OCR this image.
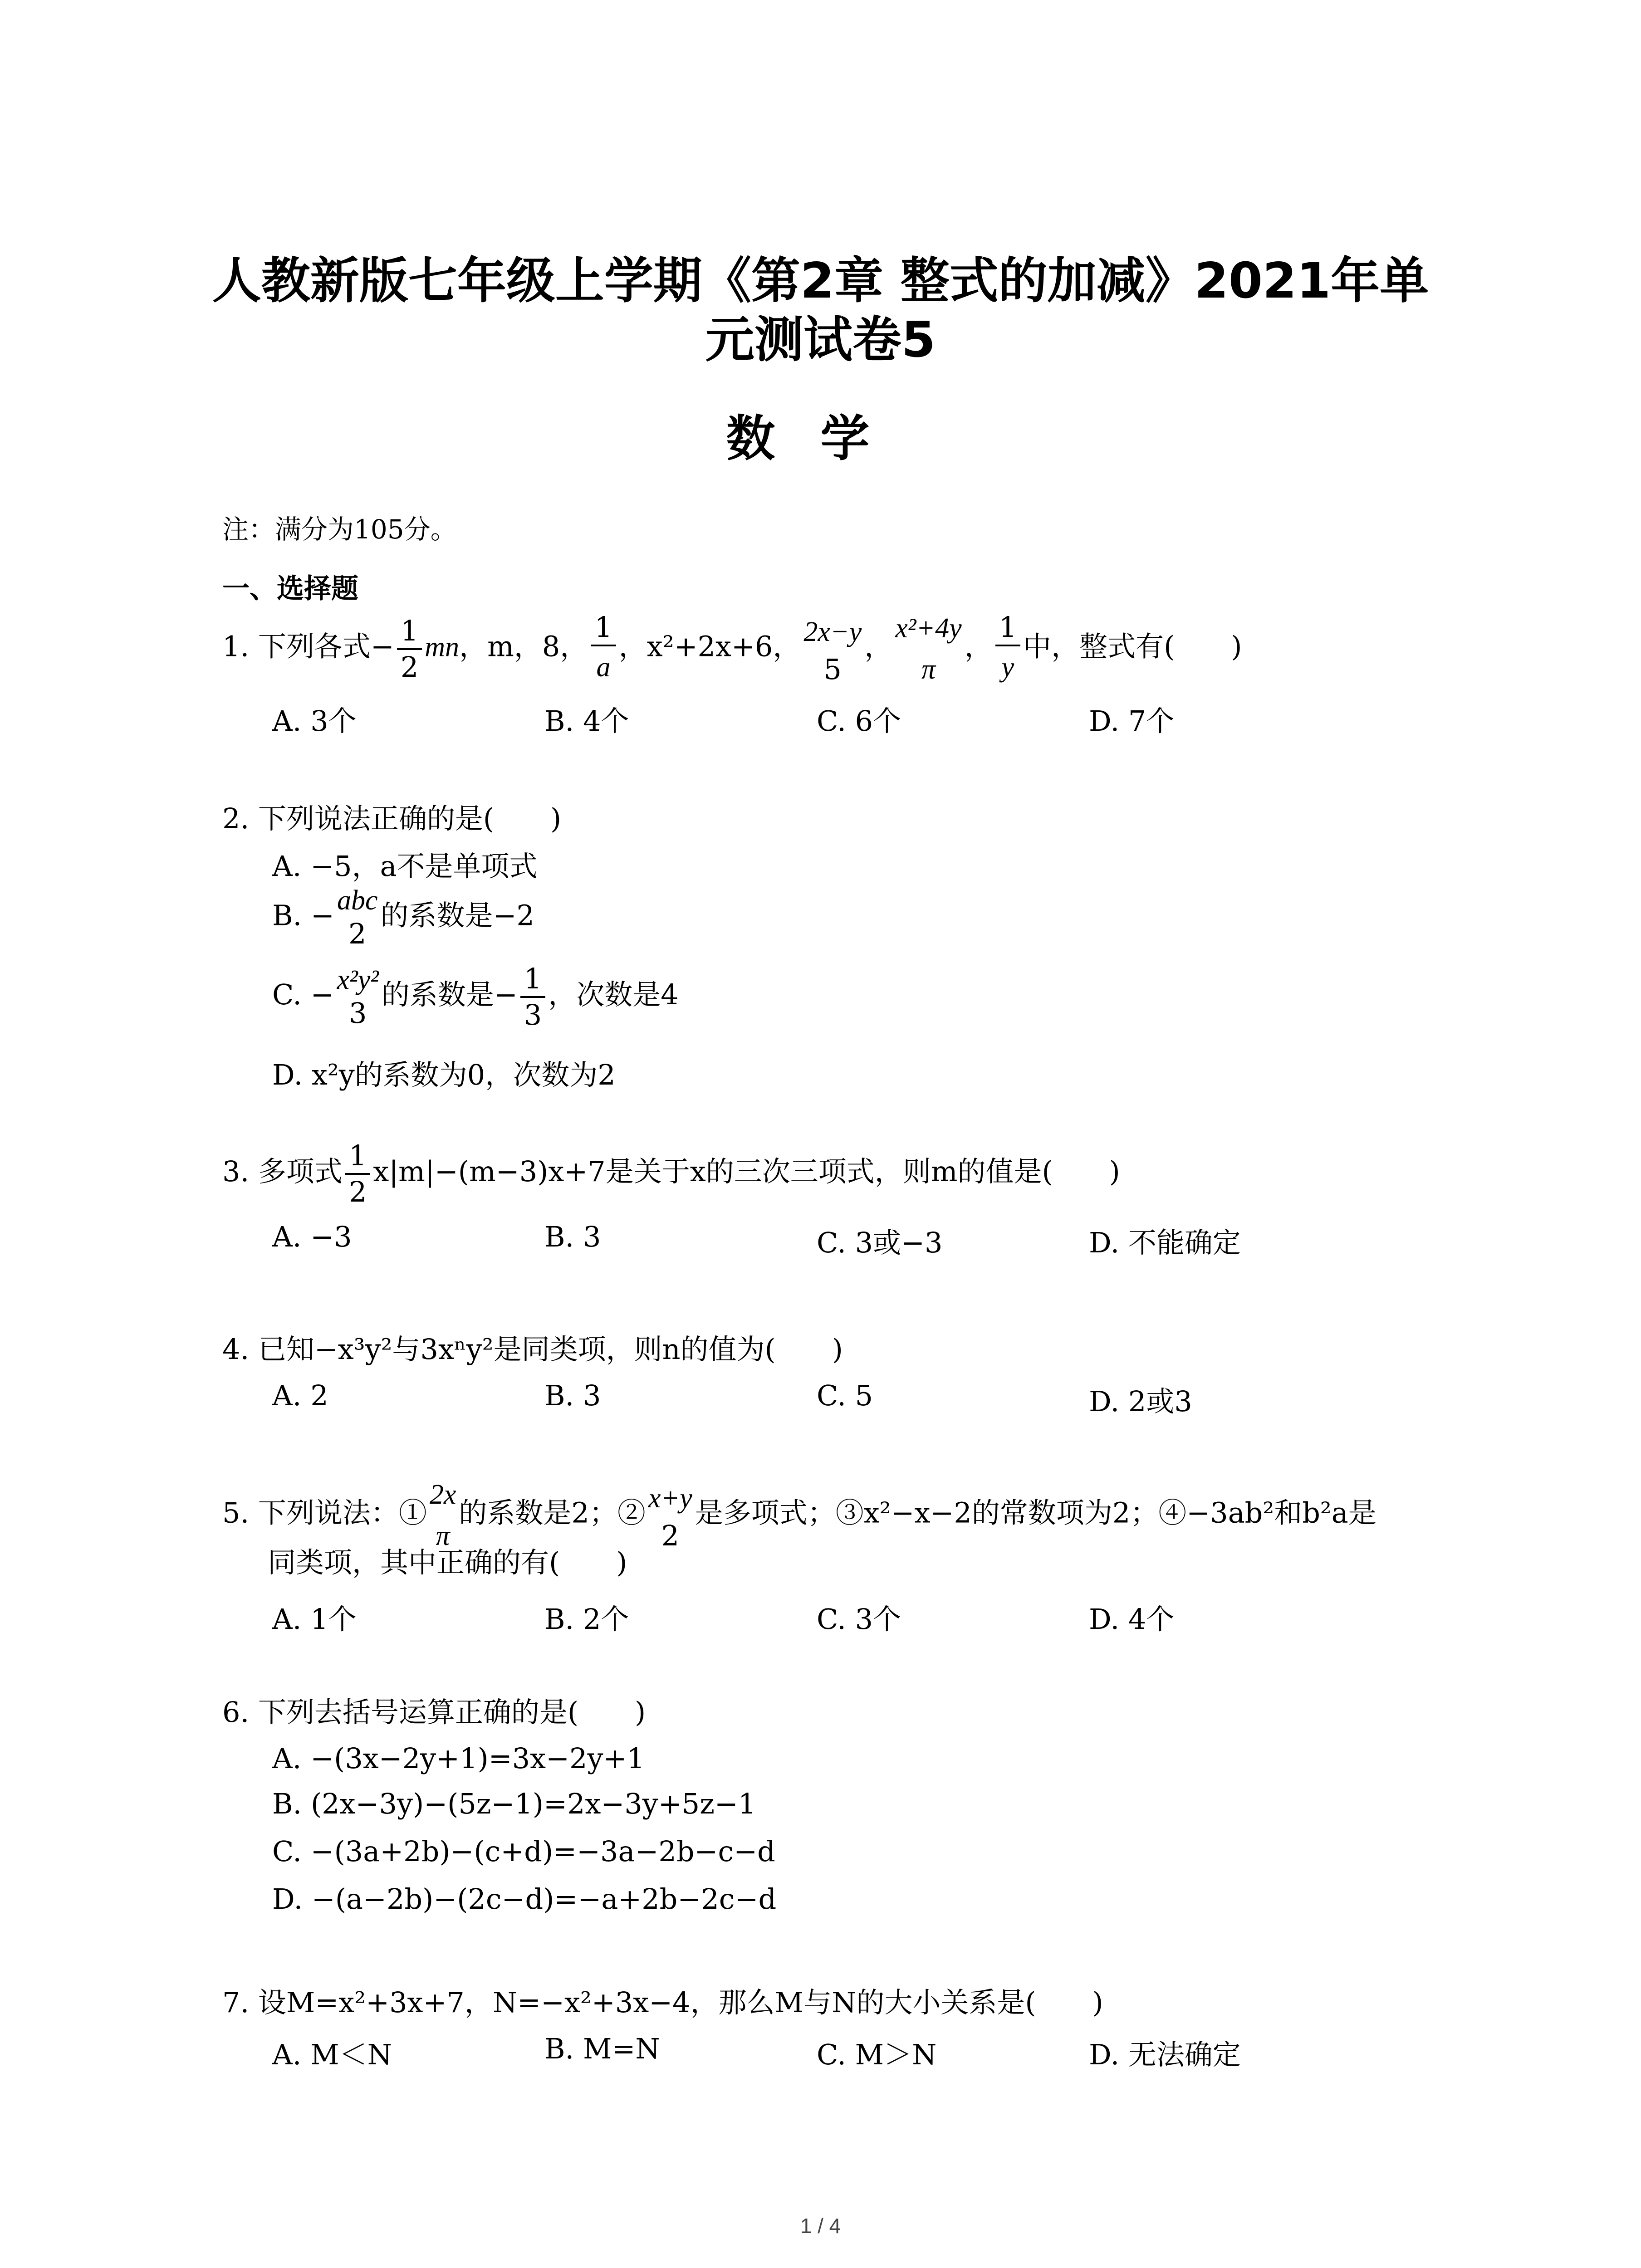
人教新版七年级上学期《第2章 整式的加减》2021年单
元测试卷5
数学
注：满分为105分。
一、选择题
1. 下列各式− $\frac{1}{2}$ mn，m，8， $\frac{1}{a}$，x²+2x+6， 2x−y
5
，
x²+4y
π， $\frac{1}{y}$中，整式有(　　)
A. 3个	B. 4个	C. 6个	D. 7个
2. 下列说法正确的是(　　)
A. −5，a不是单项式
B. − abc
2
的系数是−2
C. − x²y²
3
的系数是− $\frac{1}{3}$ ，次数是4
D. x²y的系数为0，次数为2
3. 多项式 $\frac{1}{2} x|m|-(m-3)x+7$是关于x的三次三项式，则m的值是(　　)
A. −3	B. 3	C. 3或−3	D. 不能确定
4. 已知−x³y²与3xⁿy²是同类项，则n的值为(　　)
A. 2	B. 3	C. 5	D. 2或3
5. 下列说法：①
2x
π的系数是2；② x+y
2
是多项式；③x²−x−2的常数项为2；④−3ab²和b²a是
同类项，其中正确的有(　　)
A. 1个	B. 2个	C. 3个	D. 4个
6. 下列去括号运算正确的是(　　)
A. −(3x−2y+1)=3x−2y+1
B. (2x−3y)−(5z−1)=2x−3y+5z−1
C. −(3a+2b)−(c+d)=−3a−2b−c−d
D. −(a−2b)−(2c−d)=−a+2b−2c−d
7. 设M=x²+3x+7，N=−x²+3x−4，那么M与N的大小关系是(　　)
A. M＜N	B. M=N	C. M＞N	D. 无法确定
1 / 4
